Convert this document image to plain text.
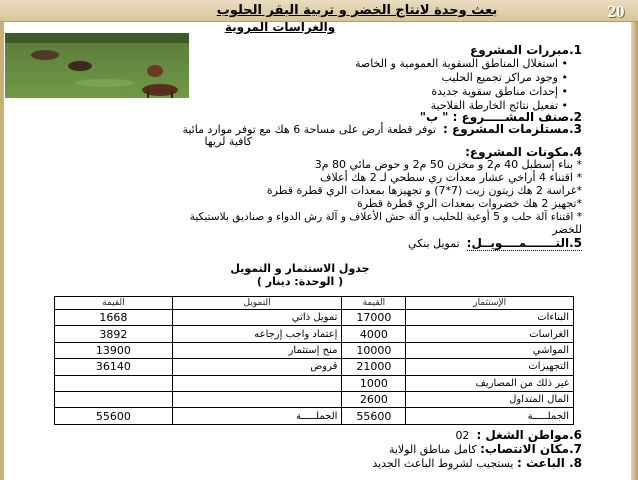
20
بعث وحدة لانتاج الخضر و تربية البقر الحلوب
والغراسات المروية
1.مبررات المشروع
• استغلال المناطق السقوية العمومية و الخاصة
• وجود مراكز تجميع الحليب
• إحداث مناطق سقوية جديدة
• تفعيل نتائج الخارطة الفلاحية
2.صنف المشـــــروع : " ب"
3.مستلزمات المشروع :  توفر قطعة أرض على مساحة 6 هك مع توفر موارد مائية
كافية لريها
4.مكونات المشروع:
* بناء إسطبل 40 م2 و مخزن 50 م2 و حوض مائي 80 م3
* اقتناء 4 أراخي عشار معدات ري سطحي لـ 2 هك أعلاف
*غراسة 2 هك زيتون زيت (7*7) و تجهيزها بمعدات الري قطرة قطرة
*تجهيز 2 هك خضروات بمعدات الري قطرة قطرة
* اقتناء آلة حلب و 5 أوعية للحليب و آلة حش الأعلاف و آلة رش الدواء و صناديق بلاستيكية
للخضر
5.التـــــــمــــويــل:  تمويل بنكي
جدول الاستثمار و التمويل
( الوحدة: دينار )
الإستثمار	القيمة	التمويل	القيمة
البناءات	17000	تمويل ذاتي	1668
الغراسات	4000	إعتماد واجب إرجاعه	3892
المواشي	10000	منح إستثمار	13900
التجهيزات	21000	قروض	36140
غير ذلك من المصاريف	1000		
المال المتداول	2600		
الجملـــــة	55600	الجملـــــة	55600
6.مواطن الشغل :  02
7.مكان الانتصاب: كامل مناطق الولاية
8. الباعث : يستجيب لشروط الباعث الجديد
